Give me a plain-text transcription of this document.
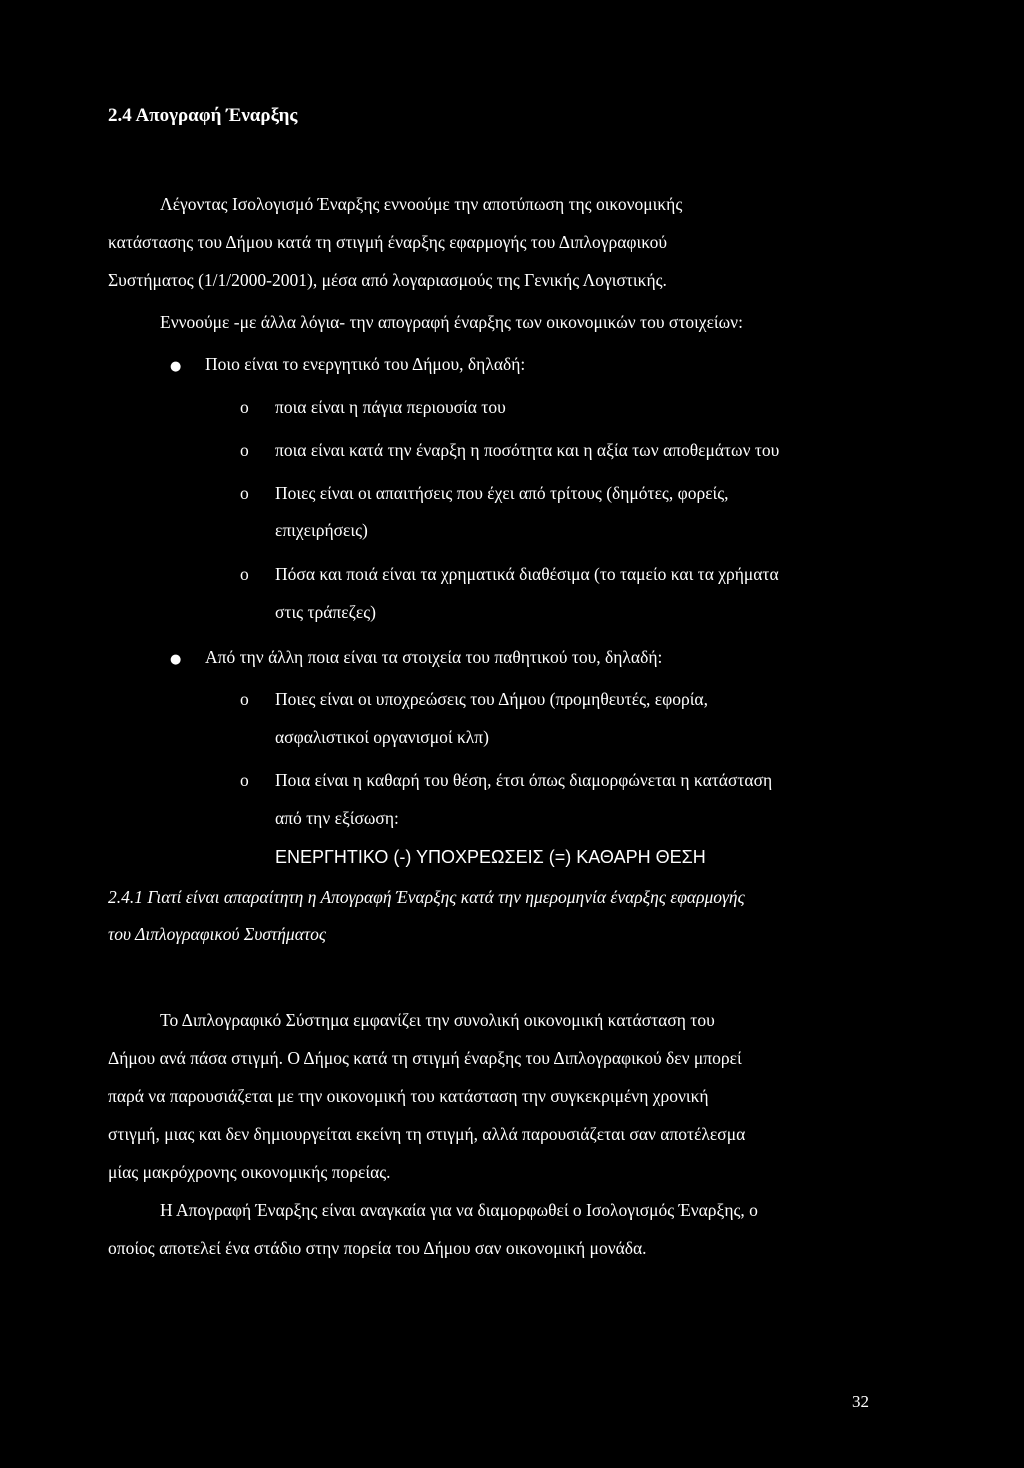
2.4 Απογραφή Έναρξης
Λέγοντας Ισολογισμό Έναρξης εννοούμε την αποτύπωση της οικονομικής
κατάστασης του Δήμου κατά τη στιγμή έναρξης εφαρμογής του Διπλογραφικού
Συστήματος (1/1/2000-2001), μέσα από λογαριασμούς της Γενικής Λογιστικής.
Εννοούμε -με άλλα λόγια- την απογραφή έναρξης των οικονομικών του στοιχείων:
● Ποιο είναι το ενεργητικό του Δήμου, δηλαδή:
o ποια είναι η πάγια περιουσία του
o ποια είναι κατά την έναρξη η ποσότητα και η αξία των αποθεμάτων του
o Ποιες είναι οι απαιτήσεις που έχει από τρίτους (δημότες, φορείς,
επιχειρήσεις)
o Πόσα και ποιά είναι τα χρηματικά διαθέσιμα (το ταμείο και τα χρήματα
στις τράπεζες)
● Από την άλλη ποια είναι τα στοιχεία του παθητικού του, δηλαδή:
o Ποιες είναι οι υποχρεώσεις του Δήμου (προμηθευτές, εφορία,
ασφαλιστικοί οργανισμοί κλπ)
o Ποια είναι η καθαρή του θέση, έτσι όπως διαμορφώνεται η κατάσταση
από την εξίσωση:
ΕΝΕΡΓΗΤΙΚΟ (-) ΥΠΟΧΡΕΩΣΕΙΣ (=) ΚΑΘΑΡΗ ΘΕΣΗ
2.4.1 Γιατί είναι απαραίτητη η Απογραφή Έναρξης κατά την ημερομηνία έναρξης εφαρμογής
του Διπλογραφικού Συστήματος
Το Διπλογραφικό Σύστημα εμφανίζει την συνολική οικονομική κατάσταση του
Δήμου ανά πάσα στιγμή. Ο Δήμος κατά τη στιγμή έναρξης του Διπλογραφικού δεν μπορεί
παρά να παρουσιάζεται με την οικονομική του κατάσταση την συγκεκριμένη χρονική
στιγμή, μιας και δεν δημιουργείται εκείνη τη στιγμή, αλλά παρουσιάζεται σαν αποτέλεσμα
μίας μακρόχρονης οικονομικής πορείας.
Η Απογραφή Έναρξης είναι αναγκαία για να διαμορφωθεί ο Ισολογισμός Έναρξης, ο
οποίος αποτελεί ένα στάδιο στην πορεία του Δήμου σαν οικονομική μονάδα.
32
